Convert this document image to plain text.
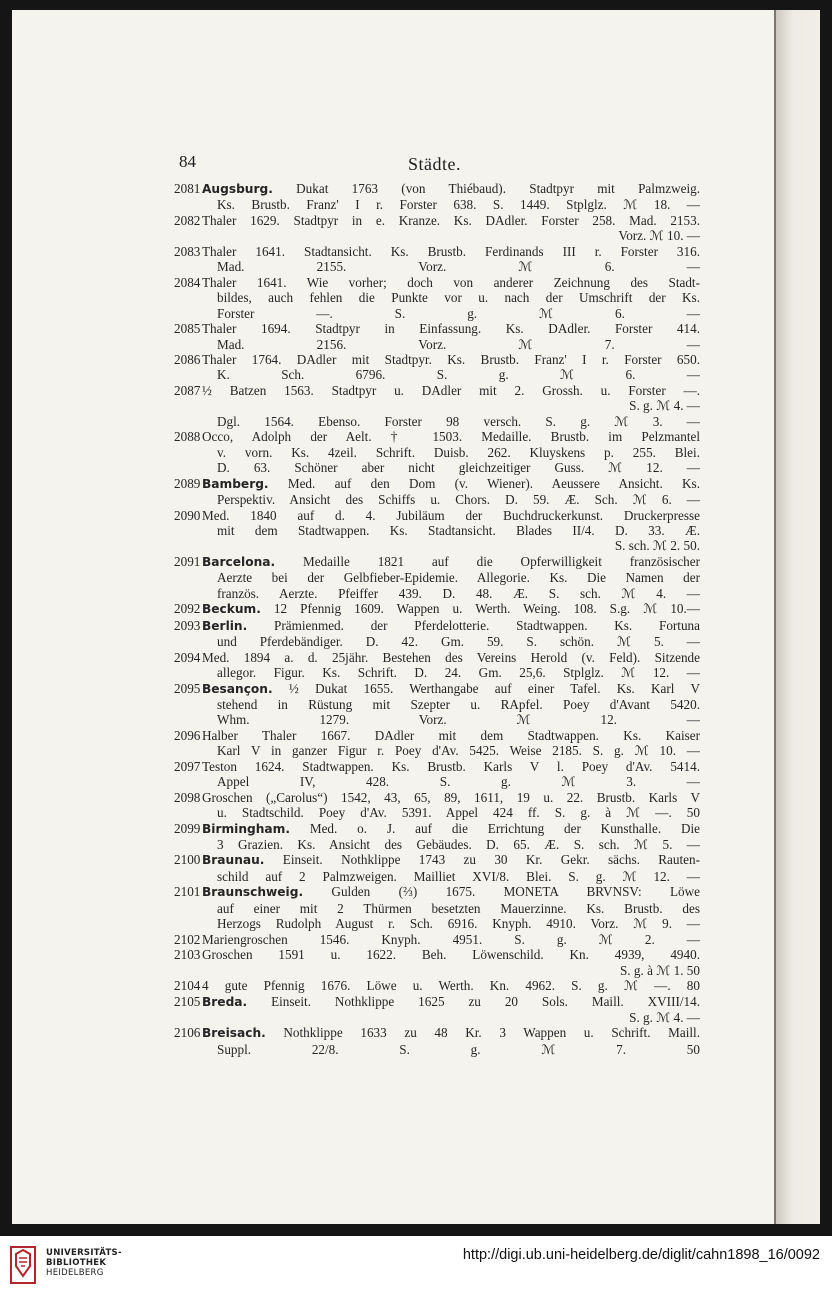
84	Städte.
2081 Augsburg. Dukat 1763 (von Thiébaud). Stadtpyr mit Palmzweig.
Ks. Brustb. Franz' I r. Forster 638. S. 1449. Stplglz. ℳ 18. —
2082 Thaler 1629. Stadtpyr in e. Kranze. Ks. DAdler. Forster 258. Mad. 2153.
Vorz. ℳ 10. —
2083 Thaler 1641. Stadtansicht. Ks. Brustb. Ferdinands III r. Forster 316.
Mad. 2155. Vorz. ℳ 6. —
2084 Thaler 1641. Wie vorher; doch von anderer Zeichnung des Stadt-
bildes, auch fehlen die Punkte vor u. nach der Umschrift der Ks.
Forster —. S. g. ℳ 6. —
2085 Thaler 1694. Stadtpyr in Einfassung. Ks. DAdler. Forster 414.
Mad. 2156. Vorz. ℳ 7. —
2086 Thaler 1764. DAdler mit Stadtpyr. Ks. Brustb. Franz' I r. Forster 650.
K. Sch. 6796. S. g. ℳ 6. —
2087 ½ Batzen 1563. Stadtpyr u. DAdler mit 2. Grossh. u. Forster —.
S. g. ℳ 4. —
Dgl. 1564. Ebenso. Forster 98 versch. S. g. ℳ 3. —
2088 Occo, Adolph der Aelt. † 1503. Medaille. Brustb. im Pelzmantel
v. vorn. Ks. 4zeil. Schrift. Duisb. 262. Kluyskens p. 255. Blei.
D. 63. Schöner aber nicht gleichzeitiger Guss. ℳ 12. —
2089 Bamberg. Med. auf den Dom (v. Wiener). Aeussere Ansicht. Ks.
Perspektiv. Ansicht des Schiffs u. Chors. D. 59. Æ. Sch. ℳ 6. —
2090 Med. 1840 auf d. 4. Jubiläum der Buchdruckerkunst. Druckerpresse
mit dem Stadtwappen. Ks. Stadtansicht. Blades II/4. D. 33. Æ.
S. sch. ℳ 2. 50.
2091 Barcelona. Medaille 1821 auf die Opferwilligkeit französischer
Aerzte bei der Gelbfieber-Epidemie. Allegorie. Ks. Die Namen der
französ. Aerzte. Pfeiffer 439. D. 48. Æ. S. sch. ℳ 4. —
2092 Beckum. 12 Pfennig 1609. Wappen u. Werth. Weing. 108. S.g. ℳ 10.—
2093 Berlin. Prämienmed. der Pferdelotterie. Stadtwappen. Ks. Fortuna
und Pferdebändiger. D. 42. Gm. 59. S. schön. ℳ 5. —
2094 Med. 1894 a. d. 25jähr. Bestehen des Vereins Herold (v. Feld). Sitzende
allegor. Figur. Ks. Schrift. D. 24. Gm. 25,6. Stplglz. ℳ 12. —
2095 Besançon. ½ Dukat 1655. Werthangabe auf einer Tafel. Ks. Karl V
stehend in Rüstung mit Szepter u. RApfel. Poey d'Avant 5420.
Whm. 1279. Vorz. ℳ 12. —
2096 Halber Thaler 1667. DAdler mit dem Stadtwappen. Ks. Kaiser
Karl V in ganzer Figur r. Poey d'Av. 5425. Weise 2185. S. g. ℳ 10. —
2097 Teston 1624. Stadtwappen. Ks. Brustb. Karls V l. Poey d'Av. 5414.
Appel IV, 428. S. g. ℳ 3. —
2098 Groschen („Carolus“) 1542, 43, 65, 89, 1611, 19 u. 22. Brustb. Karls V
u. Stadtschild. Poey d'Av. 5391. Appel 424 ff. S. g. à ℳ —. 50
2099 Birmingham. Med. o. J. auf die Errichtung der Kunsthalle. Die
3 Grazien. Ks. Ansicht des Gebäudes. D. 65. Æ. S. sch. ℳ 5. —
2100 Braunau. Einseit. Nothklippe 1743 zu 30 Kr. Gekr. sächs. Rauten-
schild auf 2 Palmzweigen. Mailliet XVI/8. Blei. S. g. ℳ 12. —
2101 Braunschweig. Gulden (⅔) 1675. MONETA BRVNSV: Löwe
auf einer mit 2 Thürmen besetzten Mauerzinne. Ks. Brustb. des
Herzogs Rudolph August r. Sch. 6916. Knyph. 4910. Vorz. ℳ 9. —
2102 Mariengroschen 1546. Knyph. 4951. S. g. ℳ 2. —
2103 Groschen 1591 u. 1622. Beh. Löwenschild. Kn. 4939, 4940.
S. g. à ℳ 1. 50
2104 4 gute Pfennig 1676. Löwe u. Werth. Kn. 4962. S. g. ℳ —. 80
2105 Breda. Einseit. Nothklippe 1625 zu 20 Sols. Maill. XVIII/14.
S. g. ℳ 4. —
2106 Breisach. Nothklippe 1633 zu 48 Kr. 3 Wappen u. Schrift. Maill.
Suppl. 22/8. S. g. ℳ 7. 50
UNIVERSITÄTS-
BIBLIOTHEK
HEIDELBERG
http://digi.ub.uni-heidelberg.de/diglit/cahn1898_16/0092
